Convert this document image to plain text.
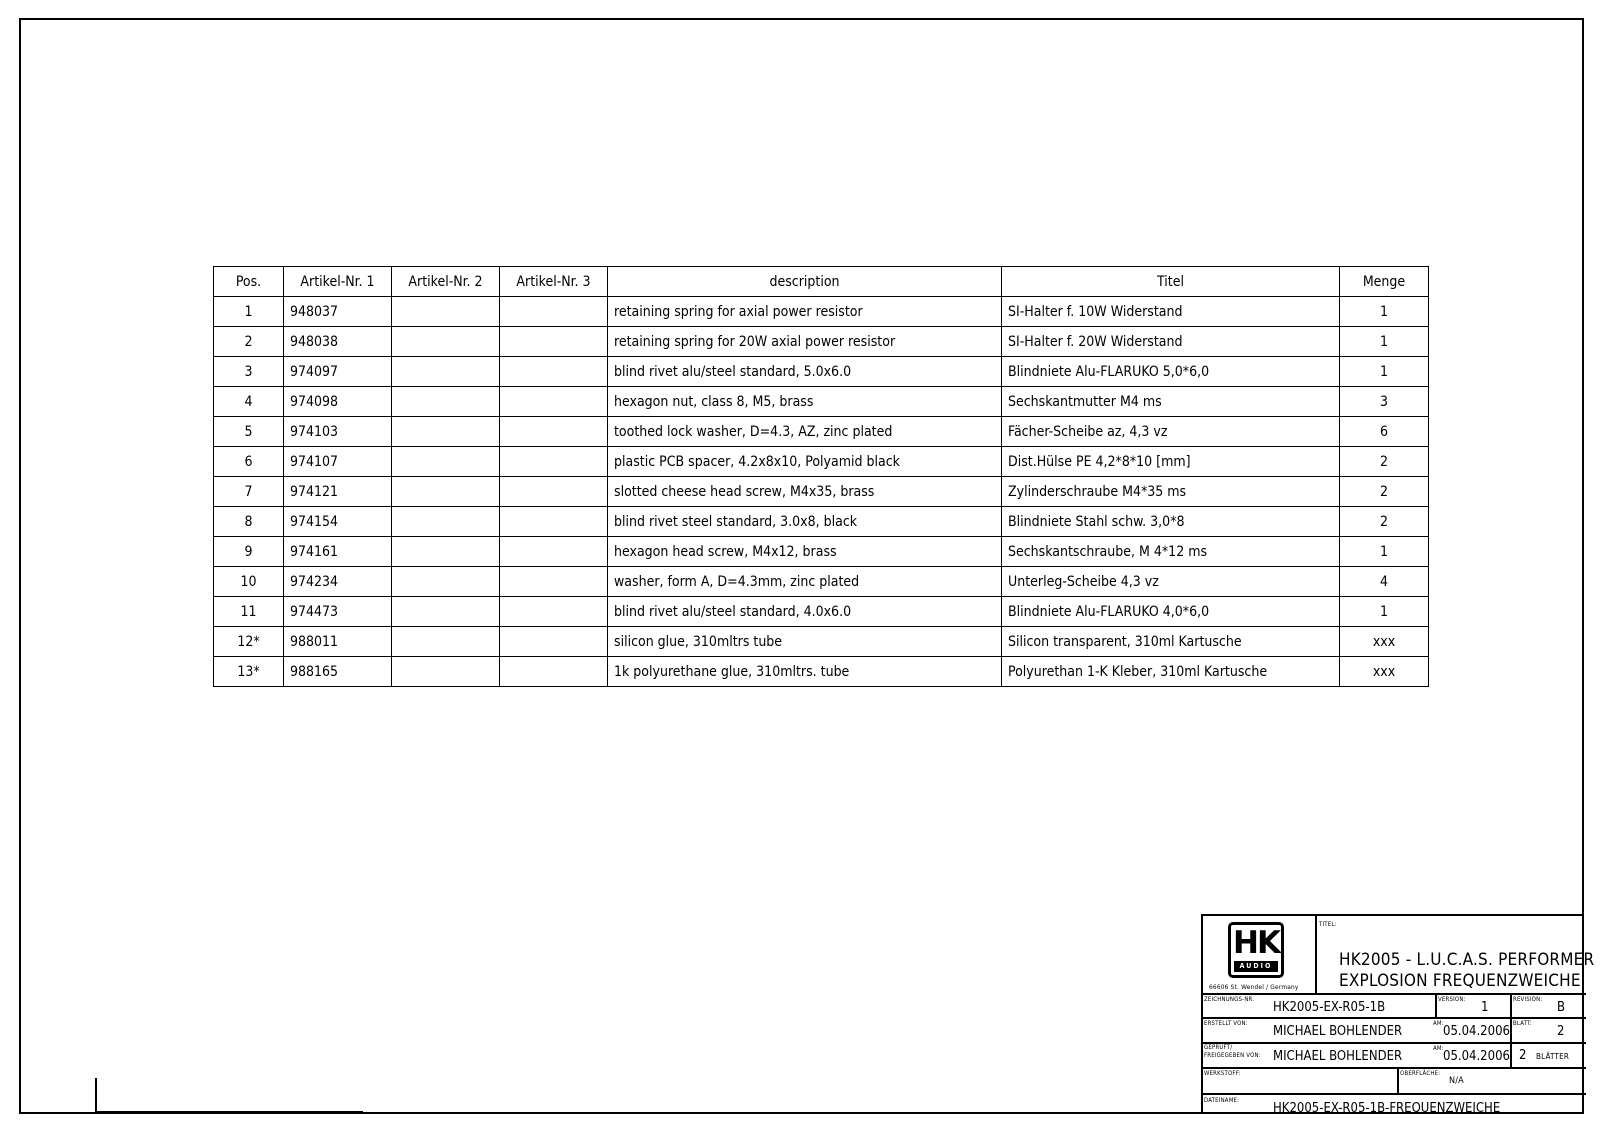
Pos.	Artikel-Nr. 1	Artikel-Nr. 2	Artikel-Nr. 3	description	Titel	Menge
1	948037			retaining spring for axial power resistor	SI-Halter f. 10W Widerstand	1
2	948038			retaining spring for 20W axial power resistor	SI-Halter f. 20W Widerstand	1
3	974097			blind rivet alu/steel standard, 5.0x6.0	Blindniete Alu-FLARUKO 5,0*6,0	1
4	974098			hexagon nut, class 8, M5, brass	Sechskantmutter M4 ms	3
5	974103			toothed lock washer, D=4.3, AZ, zinc plated	Fächer-Scheibe az, 4,3 vz	6
6	974107			plastic PCB spacer, 4.2x8x10, Polyamid black	Dist.Hülse PE 4,2*8*10 [mm]	2
7	974121			slotted cheese head screw, M4x35, brass	Zylinderschraube M4*35 ms	2
8	974154			blind rivet steel standard, 3.0x8, black	Blindniete Stahl schw. 3,0*8	2
9	974161			hexagon head screw, M4x12, brass	Sechskantschraube, M 4*12 ms	1
10	974234			washer, form A, D=4.3mm, zinc plated	Unterleg-Scheibe 4,3 vz	4
11	974473			blind rivet alu/steel standard, 4.0x6.0	Blindniete Alu-FLARUKO 4,0*6,0	1
12*	988011			silicon glue, 310mltrs tube	Silicon transparent, 310ml Kartusche	xxx
13*	988165			1k polyurethane glue, 310mltrs. tube	Polyurethan 1-K Kleber, 310ml Kartusche	xxx
HK
AUDIO
66606 St. Wendel / Germany
TITEL:
HK2005 - L.U.C.A.S. PERFORMER
EXPLOSION FREQUENZWEICHE
ZEICHNUNGS-NR.
HK2005-EX-R05-1B
VERSION:
1
REVISION:
B
ERSTELLT VON:
MICHAEL BOHLENDER
AM:
05.04.2006
BLATT:
2
GEPRÜFT/
FREIGEGEBEN VON: MICHAEL BOHLENDER
AM:
05.04.2006 2 BLÄTTER
WERKSTOFF:	OBERFLÄCHE:
N/A
DATEINAME:
HK2005-EX-R05-1B-FREQUENZWEICHE
